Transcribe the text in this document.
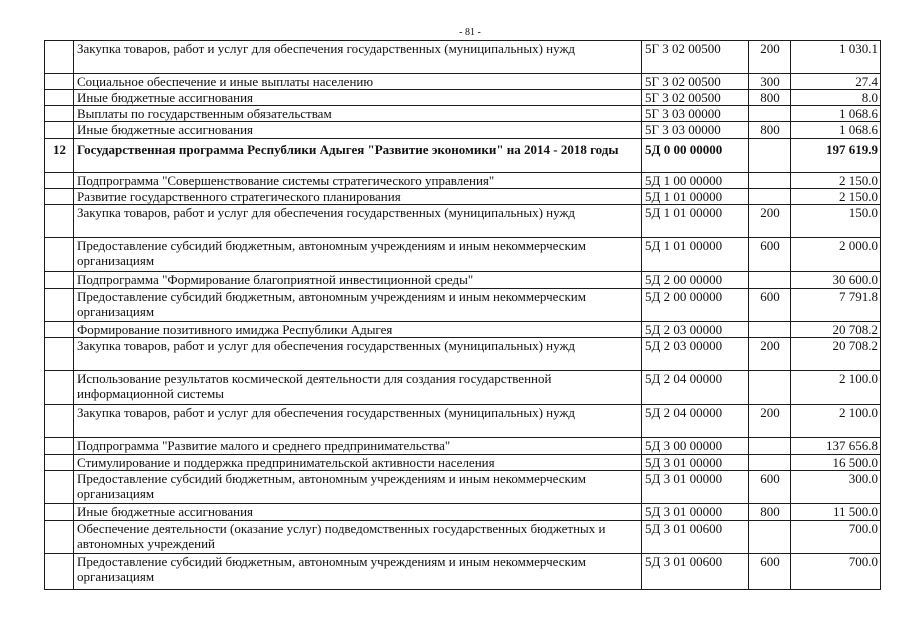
- 81 -

	Закупка товаров, работ и услуг для обеспечения государственных (муниципальных) нужд	5Г 3 02 00500	200	1 030.1

	Социальное обеспечение и иные выплаты населению	5Г 3 02 00500	300	27.4

	Иные бюджетные ассигнования	5Г 3 02 00500	800	8.0

	Выплаты по государственным обязательствам	5Г 3 03 00000		1 068.6

	Иные бюджетные ассигнования	5Г 3 03 00000	800	1 068.6
12	Государственная программа Республики Адыгея "Развитие экономики" на 2014 - 2018 годы	5Д 0 00 00000		197 619.9

	Подпрограмма "Совершенствование системы стратегического управления"	5Д 1 00 00000		2 150.0

	Развитие государственного стратегического планирования	5Д 1 01 00000		2 150.0

	Закупка товаров, работ и услуг для обеспечения государственных (муниципальных) нужд	5Д 1 01 00000	200	150.0

	Предоставление субсидий бюджетным, автономным учреждениям и иным некоммерческим
организациям	5Д 1 01 00000	600	2 000.0

	Подпрограмма "Формирование благоприятной инвестиционной среды"	5Д 2 00 00000		30 600.0

	Предоставление субсидий бюджетным, автономным учреждениям и иным некоммерческим
организациям	5Д 2 00 00000	600	7 791.8

	Формирование позитивного имиджа Республики Адыгея	5Д 2 03 00000		20 708.2

	Закупка товаров, работ и услуг для обеспечения государственных (муниципальных) нужд	5Д 2 03 00000	200	20 708.2

	Использование результатов космической деятельности для создания государственной
информационной системы	5Д 2 04 00000		2 100.0

	Закупка товаров, работ и услуг для обеспечения государственных (муниципальных) нужд	5Д 2 04 00000	200	2 100.0

	Подпрограмма "Развитие малого и среднего предпринимательства"	5Д 3 00 00000		137 656.8

	Стимулирование и поддержка предпринимательской активности населения	5Д 3 01 00000		16 500.0

	Предоставление субсидий бюджетным, автономным учреждениям и иным некоммерческим
организациям	5Д 3 01 00000	600	300.0

	Иные бюджетные ассигнования	5Д 3 01 00000	800	11 500.0

	Обеспечение деятельности (оказание услуг) подведомственных государственных бюджетных и
автономных учреждений	5Д 3 01 00600		700.0

	Предоставление субсидий бюджетным, автономным учреждениям и иным некоммерческим
организациям	5Д 3 01 00600	600	700.0
